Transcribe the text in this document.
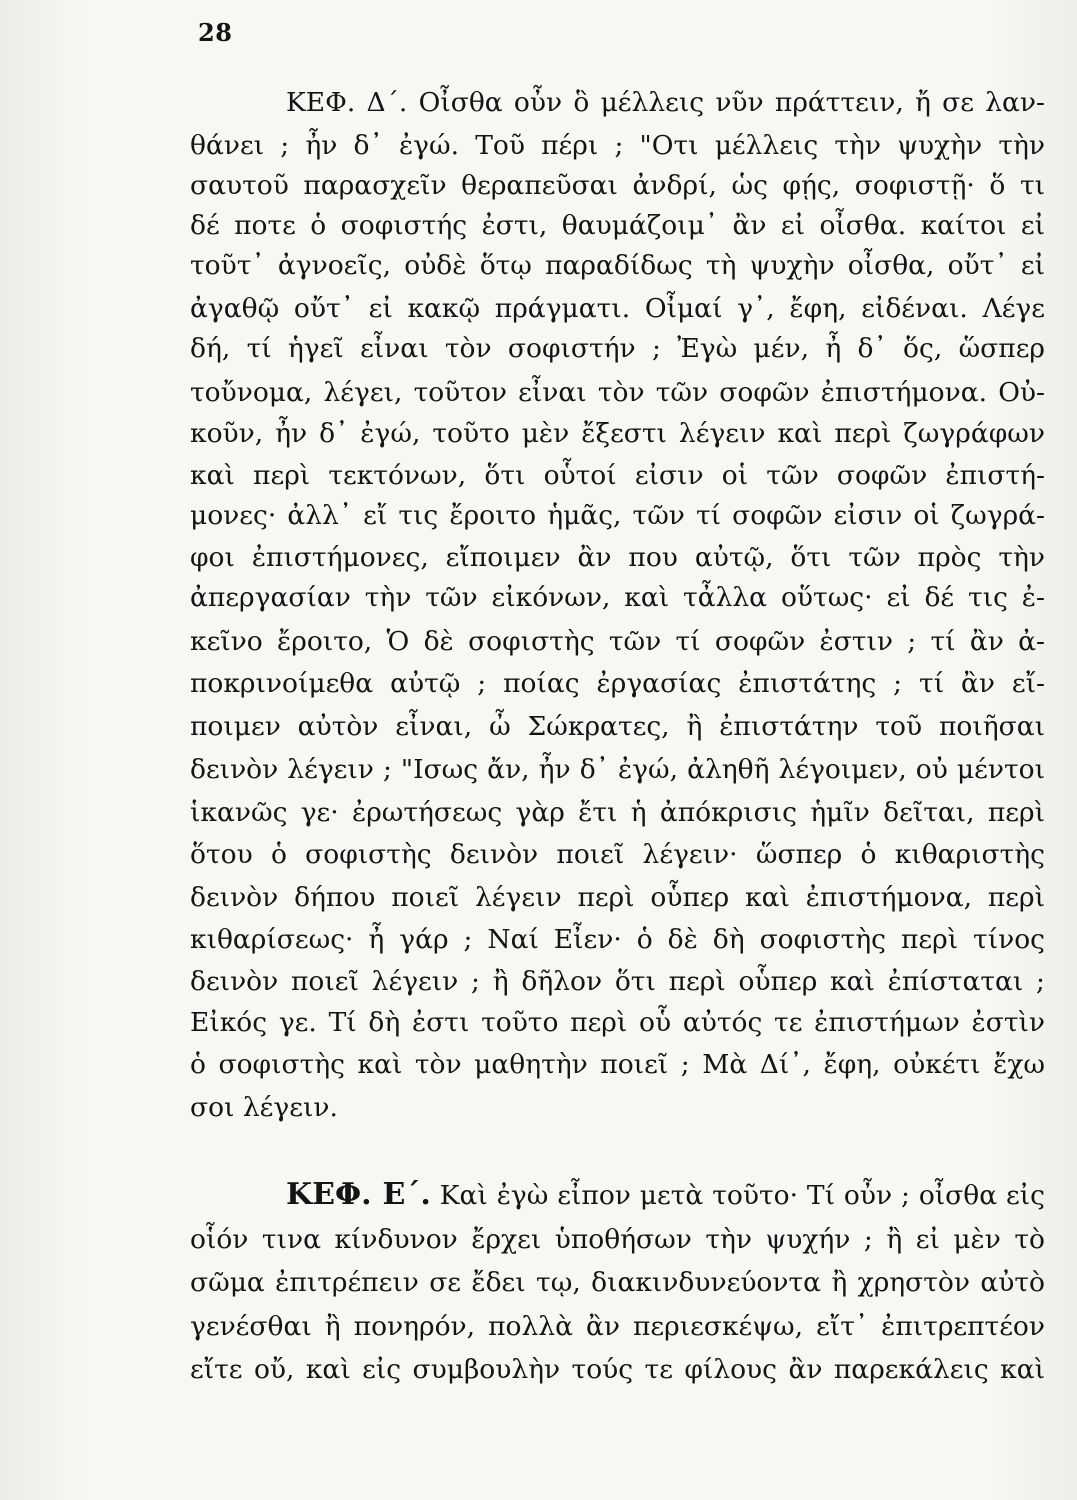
28
ΚΕΦ. Δ΄. Οἶσθα οὖν ὃ μέλλεις νῦν πράττειν, ἤ σε λαν-
θάνει ; ἦν δ᾽ ἐγώ. Τοῦ πέρι ; "Οτι μέλλεις τὴν ψυχὴν τὴν
σαυτοῦ παρασχεῖν θεραπεῦσαι ἀνδρί, ὡς φῄς, σοφιστῇ· ὅ τι
δέ ποτε ὁ σοφιστής ἐστι, θαυμάζοιμ᾽ ἂν εἰ οἶσθα. καίτοι εἰ
τοῦτ᾽ ἀγνοεῖς, οὐδὲ ὅτῳ παραδίδως τὴ ψυχὴν οἶσθα, οὔτ᾽ εἰ
ἀγαθῷ οὔτ᾽ εἰ κακῷ πράγματι. Οἶμαί γ᾽, ἔφη, εἰδέναι. Λέγε
δή, τί ἡγεῖ εἶναι τὸν σοφιστήν ; Ἐγὼ μέν, ἦ δ᾽ ὅς, ὥσπερ
τοὔνομα, λέγει, τοῦτον εἶναι τὸν τῶν σοφῶν ἐπιστήμονα. Οὐ-
κοῦν, ἦν δ᾽ ἐγώ, τοῦτο μὲν ἔξεστι λέγειν καὶ περὶ ζωγράφων
καὶ περὶ τεκτόνων, ὅτι οὗτοί εἰσιν οἱ τῶν σοφῶν ἐπιστή-
μονες· ἀλλ᾽ εἴ τις ἔροιτο ἡμᾶς, τῶν τί σοφῶν εἰσιν οἱ ζωγρά-
φοι ἐπιστήμονες, εἴποιμεν ἂν που αὐτῷ, ὅτι τῶν πρὸς τὴν
ἀπεργασίαν τὴν τῶν εἰκόνων, καὶ τἆλλα οὕτως· εἰ δέ τις ἐ-
κεῖνο ἔροιτο, Ὁ δὲ σοφιστὴς τῶν τί σοφῶν ἐστιν ; τί ἂν ἀ-
ποκρινοίμεθα αὐτῷ ; ποίας ἐργασίας ἐπιστάτης ; τί ἂν εἴ-
ποιμεν αὐτὸν εἶναι, ὦ Σώκρατες, ἢ ἐπιστάτην τοῦ ποιῆσαι
δεινὸν λέγειν ; "Ισως ἄν, ἦν δ᾽ ἐγώ, ἀληθῆ λέγοιμεν, οὐ μέντοι
ἱκανῶς γε· ἐρωτήσεως γὰρ ἔτι ἡ ἀπόκρισις ἡμῖν δεῖται, περὶ
ὅτου ὁ σοφιστὴς δεινὸν ποιεῖ λέγειν· ὥσπερ ὁ κιθαριστὴς
δεινὸν δήπου ποιεῖ λέγειν περὶ οὗπερ καὶ ἐπιστήμονα, περὶ
κιθαρίσεως· ἦ γάρ ; Ναί Εἶεν· ὁ δὲ δὴ σοφιστὴς περὶ τίνος
δεινὸν ποιεῖ λέγειν ; ἢ δῆλον ὅτι περὶ οὗπερ καὶ ἐπίσταται ;
Εἰκός γε. Τί δὴ ἐστι τοῦτο περὶ οὗ αὐτός τε ἐπιστήμων ἐστὶν
ὁ σοφιστὴς καὶ τὸν μαθητὴν ποιεῖ ; Μὰ Δί᾽, ἔφη, οὐκέτι ἔχω
σοι λέγειν.
ΚΕΦ. Ε΄. Καὶ ἐγὼ εἶπον μετὰ τοῦτο· Τί οὖν ; οἶσθα εἰς
οἷόν τινα κίνδυνον ἔρχει ὑποθήσων τὴν ψυχήν ; ἢ εἰ μὲν τὸ
σῶμα ἐπιτρέπειν σε ἔδει τῳ, διακινδυνεύοντα ἢ χρηστὸν αὐτὸ
γενέσθαι ἢ πονηρόν, πολλὰ ἂν περιεσκέψω, εἴτ᾽ ἐπιτρεπτέον
εἴτε οὔ, καὶ εἰς συμβουλὴν τούς τε φίλους ἂν παρεκάλεις καὶ
